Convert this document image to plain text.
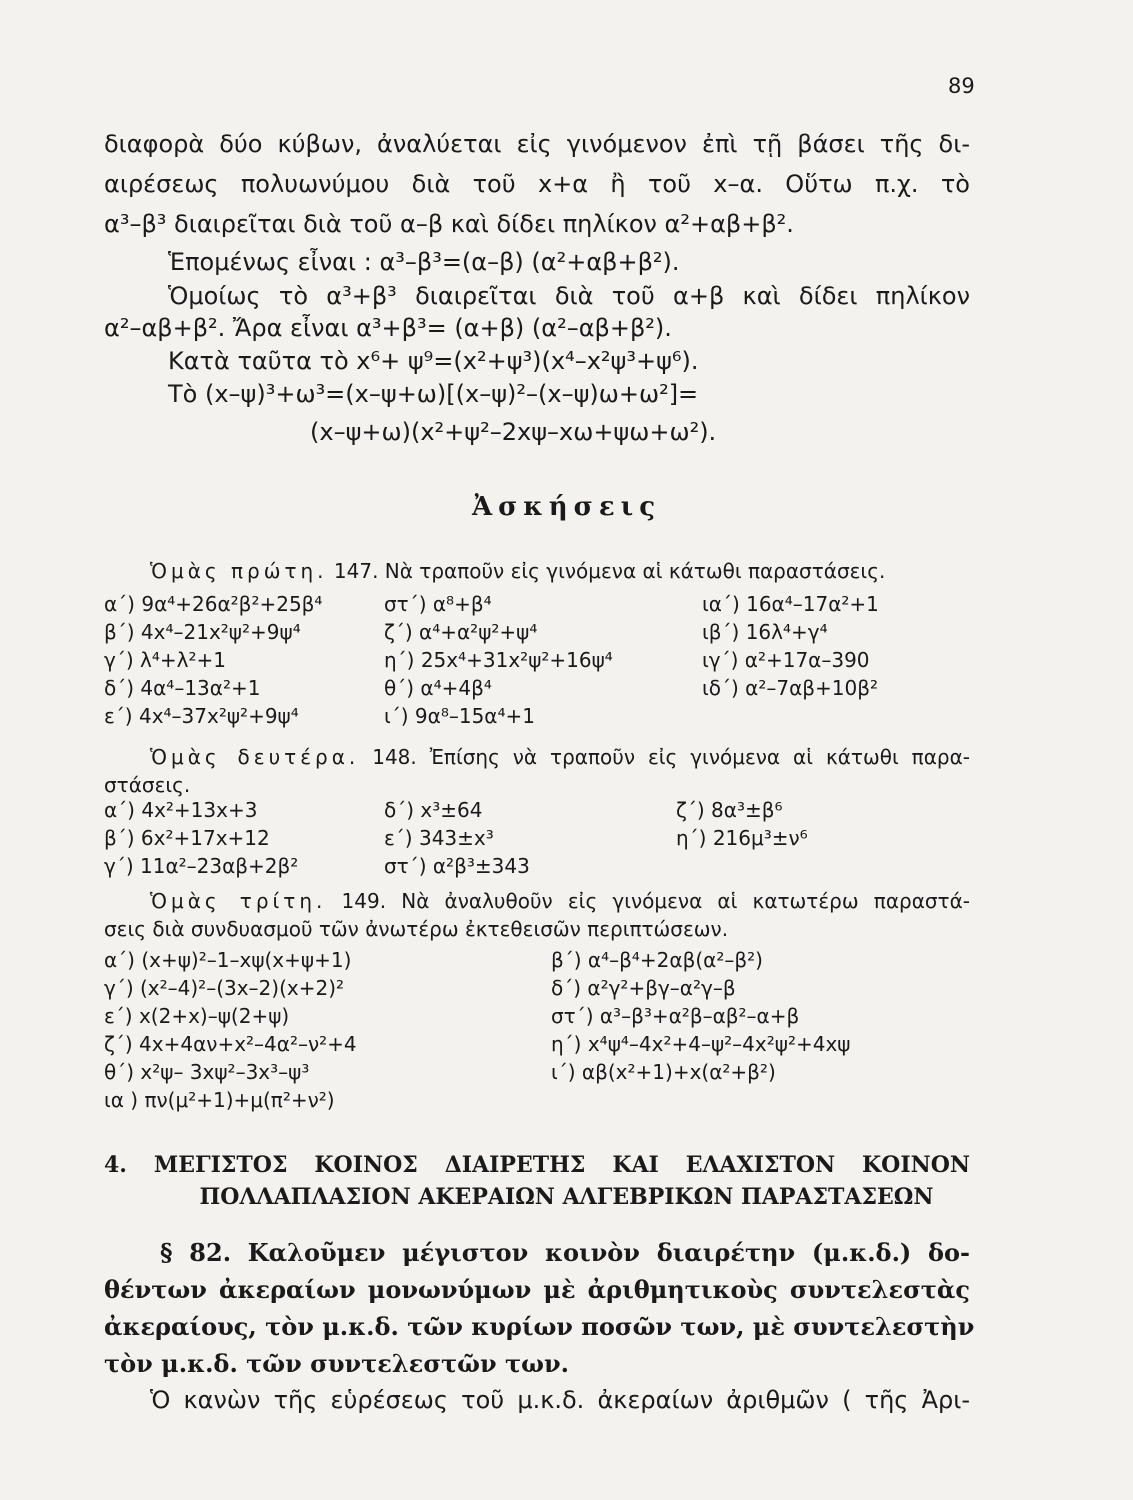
89
διαφορὰ δύο κύβων, ἀναλύεται εἰς γινόμενον ἐπὶ τῇ βάσει τῆς δι-
αιρέσεως πολυωνύμου διὰ τοῦ x+α ἢ τοῦ x–α. Οὕτω π.χ. τὸ
α³–β³ διαιρεῖται διὰ τοῦ α–β καὶ δίδει πηλίκον α²+αβ+β².
Ἑπομένως εἶναι : α³–β³=(α–β) (α²+αβ+β²).
Ὁμοίως τὸ α³+β³ διαιρεῖται διὰ τοῦ α+β καὶ δίδει πηλίκον
α²–αβ+β². Ἄρα εἶναι α³+β³= (α+β) (α²–αβ+β²).
Κατὰ ταῦτα τὸ x⁶+ ψ⁹=(x²+ψ³)(x⁴–x²ψ³+ψ⁶).
Τὸ (x–ψ)³+ω³=(x–ψ+ω)[(x–ψ)²–(x–ψ)ω+ω²]=
(x–ψ+ω)(x²+ψ²–2xψ–xω+ψω+ω²).
Ἀσκήσεις
Ὁμὰς πρώτη. 147. Νὰ τραποῦν εἰς γινόμενα αἱ κάτωθι παραστάσεις.
α΄) 9α⁴+26α²β²+25β⁴
β΄) 4x⁴–21x²ψ²+9ψ⁴
γ΄) λ⁴+λ²+1
δ΄) 4α⁴–13α²+1
ε΄) 4x⁴–37x²ψ²+9ψ⁴
στ΄) α⁸+β⁴
ζ΄) α⁴+α²ψ²+ψ⁴
η΄) 25x⁴+31x²ψ²+16ψ⁴
θ΄) α⁴+4β⁴
ι΄) 9α⁸–15α⁴+1
ια΄) 16α⁴–17α²+1
ιβ΄) 16λ⁴+γ⁴
ιγ΄) α²+17α–390
ιδ΄) α²–7αβ+10β²
Ὁμὰς δευτέρα. 148. Ἐπίσης νὰ τραποῦν εἰς γινόμενα αἱ κάτωθι παρα-
στάσεις.
α΄) 4x²+13x+3
β΄) 6x²+17x+12
γ΄) 11α²–23αβ+2β²
δ΄) x³±64
ε΄) 343±x³
στ΄) α²β³±343
ζ΄) 8α³±β⁶
η΄) 216μ³±ν⁶
Ὁμὰς τρίτη. 149. Νὰ ἀναλυθοῦν εἰς γινόμενα αἱ κατωτέρω παραστά-
σεις διὰ συνδυασμοῦ τῶν ἀνωτέρω ἐκτεθεισῶν περιπτώσεων.
α΄) (x+ψ)²–1–xψ(x+ψ+1)
γ΄) (x²–4)²–(3x–2)(x+2)²
ε΄) x(2+x)–ψ(2+ψ)
ζ΄) 4x+4αν+x²–4α²–ν²+4
θ΄) x²ψ– 3xψ²–3x³–ψ³
ια ) πν(μ²+1)+μ(π²+ν²)
β΄) α⁴–β⁴+2αβ(α²–β²)
δ΄) α²γ²+βγ–α²γ–β
στ΄) α³–β³+α²β–αβ²–α+β
η΄) x⁴ψ⁴–4x²+4–ψ²–4x²ψ²+4xψ
ι΄) αβ(x²+1)+x(α²+β²)
4. ΜΕΓΙΣΤΟΣ ΚΟΙΝΟΣ ΔΙΑΙΡΕΤΗΣ ΚΑΙ ΕΛΑΧΙΣΤΟΝ ΚΟΙΝΟΝ
ΠΟΛΛΑΠΛΑΣΙΟΝ ΑΚΕΡΑΙΩΝ ΑΛΓΕΒΡΙΚΩΝ ΠΑΡΑΣΤΑΣΕΩΝ
§ 82. Καλοῦμεν μέγιστον κοινὸν διαιρέτην (μ.κ.δ.) δο-
θέντων ἀκεραίων μονωνύμων μὲ ἀριθμητικοὺς συντελεστὰς
ἀκεραίους, τὸν μ.κ.δ. τῶν κυρίων ποσῶν των, μὲ συντελεστὴν
τὸν μ.κ.δ. τῶν συντελεστῶν των.
Ὁ κανὼν τῆς εὑρέσεως τοῦ μ.κ.δ. ἀκεραίων ἀριθμῶν ( τῆς Ἀρι-
